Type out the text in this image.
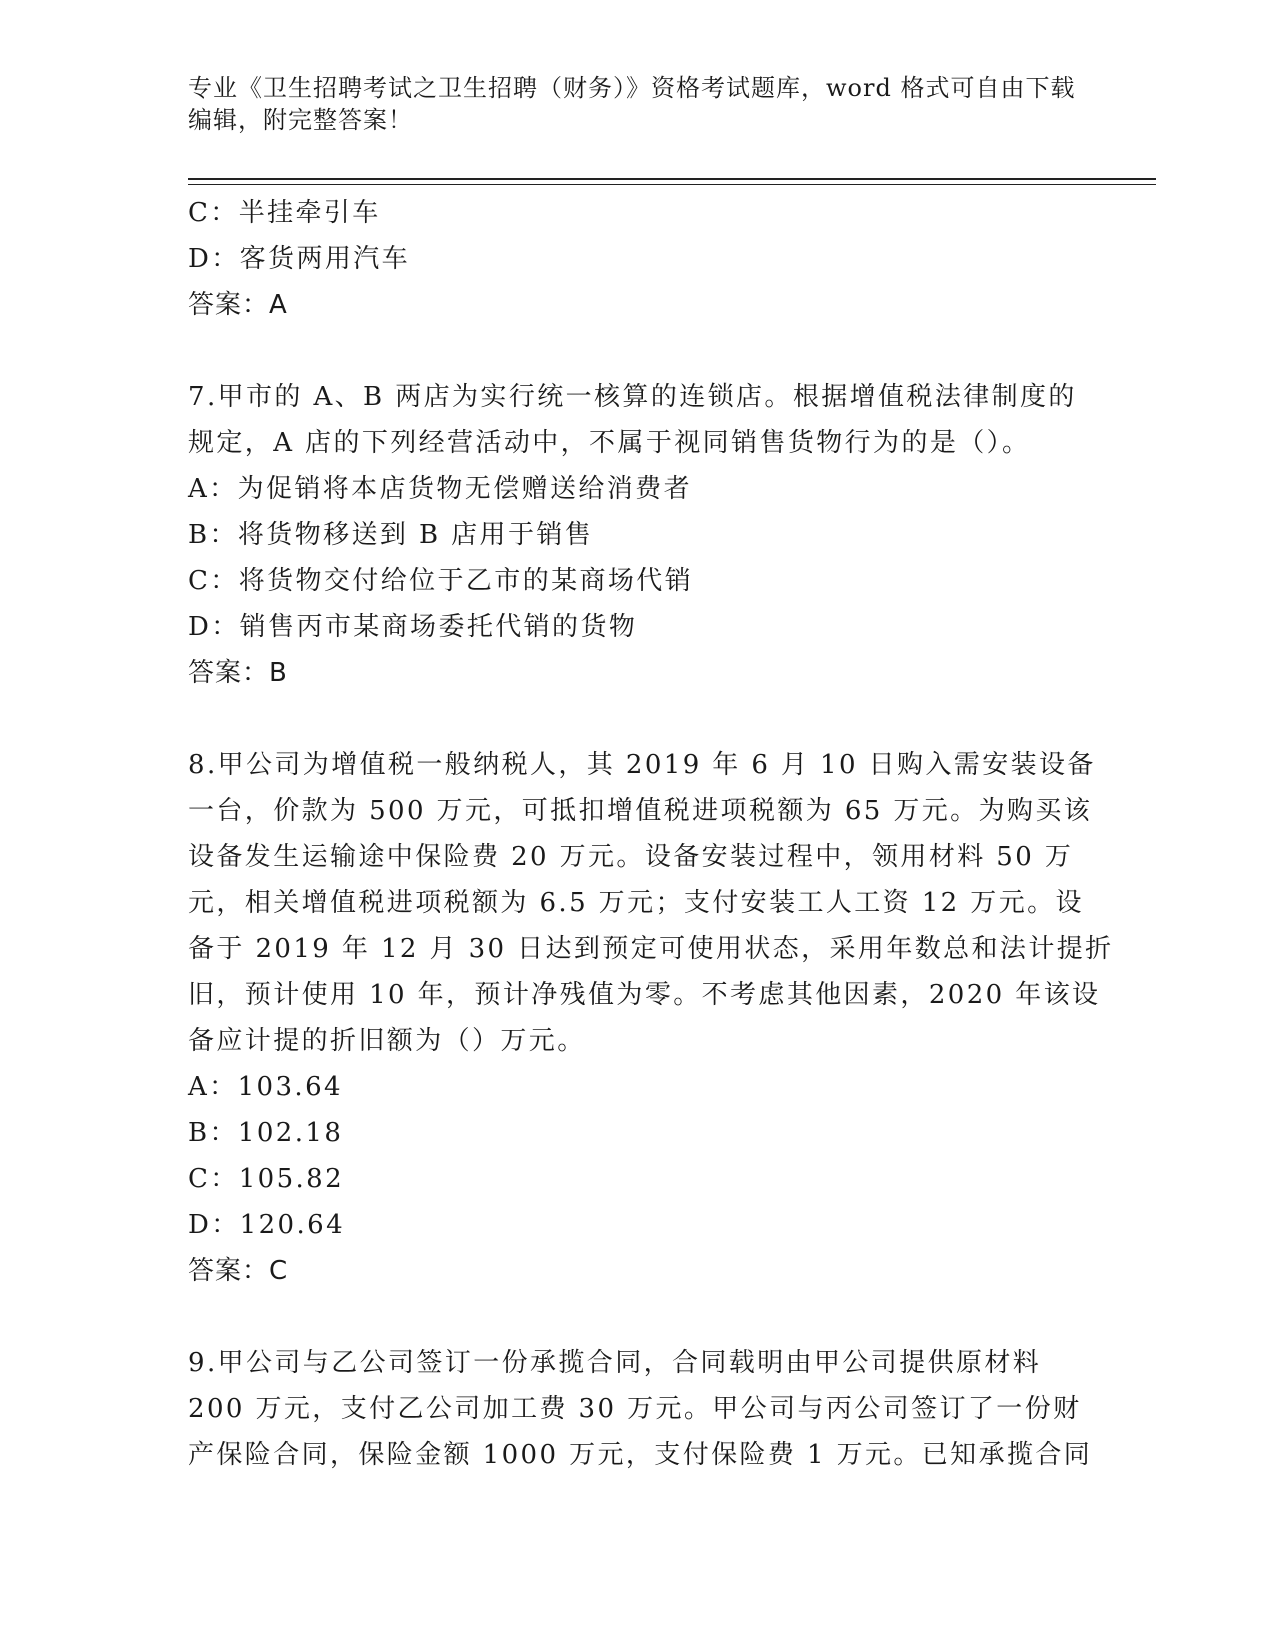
专业《卫生招聘考试之卫生招聘（财务）》资格考试题库，word 格式可自由下载
编辑，附完整答案！
C：半挂牵引车
D：客货两用汽车
答案：A
7.甲市的 A、B 两店为实行统一核算的连锁店。根据增值税法律制度的
规定，A 店的下列经营活动中，不属于视同销售货物行为的是（）。
A：为促销将本店货物无偿赠送给消费者
B：将货物移送到 B 店用于销售
C：将货物交付给位于乙市的某商场代销
D：销售丙市某商场委托代销的货物
答案：B
8.甲公司为增值税一般纳税人，其 2019 年 6 月 10 日购入需安装设备
一台，价款为 500 万元，可抵扣增值税进项税额为 65 万元。为购买该
设备发生运输途中保险费 20 万元。设备安装过程中，领用材料 50 万
元，相关增值税进项税额为 6.5 万元；支付安装工人工资 12 万元。设
备于 2019 年 12 月 30 日达到预定可使用状态，采用年数总和法计提折
旧，预计使用 10 年，预计净残值为零。不考虑其他因素，2020 年该设
备应计提的折旧额为（）万元。
A：103.64
B：102.18
C：105.82
D：120.64
答案：C
9.甲公司与乙公司签订一份承揽合同，合同载明由甲公司提供原材料
200 万元，支付乙公司加工费 30 万元。甲公司与丙公司签订了一份财
产保险合同，保险金额 1000 万元，支付保险费 1 万元。已知承揽合同
